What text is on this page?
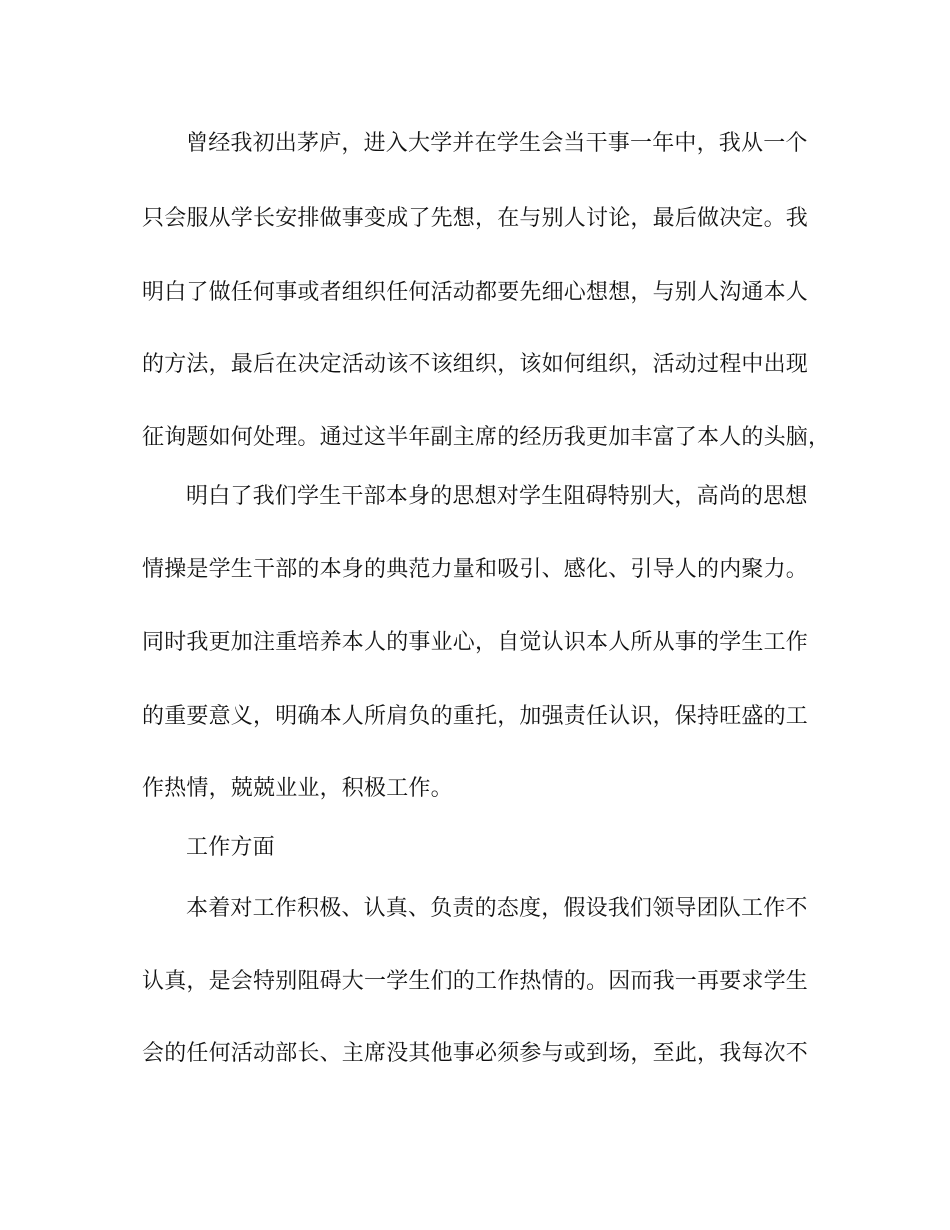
曾经我初出茅庐，进入大学并在学生会当干事一年中，我从一个
只会服从学长安排做事变成了先想，在与别人讨论，最后做决定。我
明白了做任何事或者组织任何活动都要先细心想想，与别人沟通本人
的方法，最后在决定活动该不该组织，该如何组织，活动过程中出现
征询题如何处理。通过这半年副主席的经历我更加丰富了本人的头脑，
明白了我们学生干部本身的思想对学生阻碍特别大，高尚的思想
情操是学生干部的本身的典范力量和吸引、感化、引导人的内聚力。
同时我更加注重培养本人的事业心，自觉认识本人所从事的学生工作
的重要意义，明确本人所肩负的重托，加强责任认识，保持旺盛的工
作热情，兢兢业业，积极工作。
工作方面
本着对工作积极、认真、负责的态度，假设我们领导团队工作不
认真，是会特别阻碍大一学生们的工作热情的。因而我一再要求学生
会的任何活动部长、主席没其他事必须参与或到场，至此，我每次不
